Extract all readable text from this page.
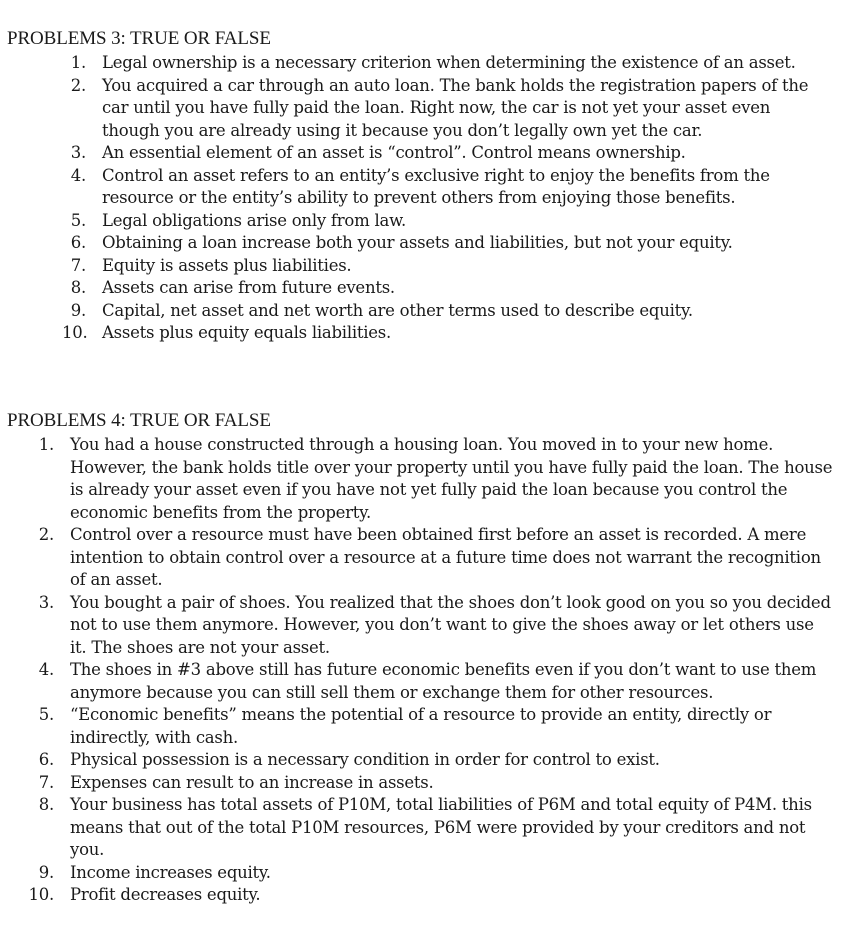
PROBLEMS 3: TRUE OR FALSE
1. Legal ownership is a necessary criterion when determining the existence of an asset.
2. You acquired a car through an auto loan. The bank holds the registration papers of the car until you have fully paid the loan. Right now, the car is not yet your asset even though you are already using it because you don’t legally own yet the car.
3. An essential element of an asset is “control”. Control means ownership.
4. Control an asset refers to an entity’s exclusive right to enjoy the benefits from the resource or the entity’s ability to prevent others from enjoying those benefits.
5. Legal obligations arise only from law.
6. Obtaining a loan increase both your assets and liabilities, but not your equity.
7. Equity is assets plus liabilities.
8. Assets can arise from future events.
9. Capital, net asset and net worth are other terms used to describe equity.
10. Assets plus equity equals liabilities.
PROBLEMS 4: TRUE OR FALSE
1. You had a house constructed through a housing loan. You moved in to your new home. However, the bank holds title over your property until you have fully paid the loan. The house is already your asset even if you have not yet fully paid the loan because you control the economic benefits from the property.
2. Control over a resource must have been obtained first before an asset is recorded. A mere intention to obtain control over a resource at a future time does not warrant the recognition of an asset.
3. You bought a pair of shoes. You realized that the shoes don’t look good on you so you decided not to use them anymore. However, you don’t want to give the shoes away or let others use it. The shoes are not your asset.
4. The shoes in #3 above still has future economic benefits even if you don’t want to use them anymore because you can still sell them or exchange them for other resources.
5. “Economic benefits” means the potential of a resource to provide an entity, directly or indirectly, with cash.
6. Physical possession is a necessary condition in order for control to exist.
7. Expenses can result to an increase in assets.
8. Your business has total assets of P10M, total liabilities of P6M and total equity of P4M. this means that out of the total P10M resources, P6M were provided by your creditors and not you.
9. Income increases equity.
10. Profit decreases equity.
